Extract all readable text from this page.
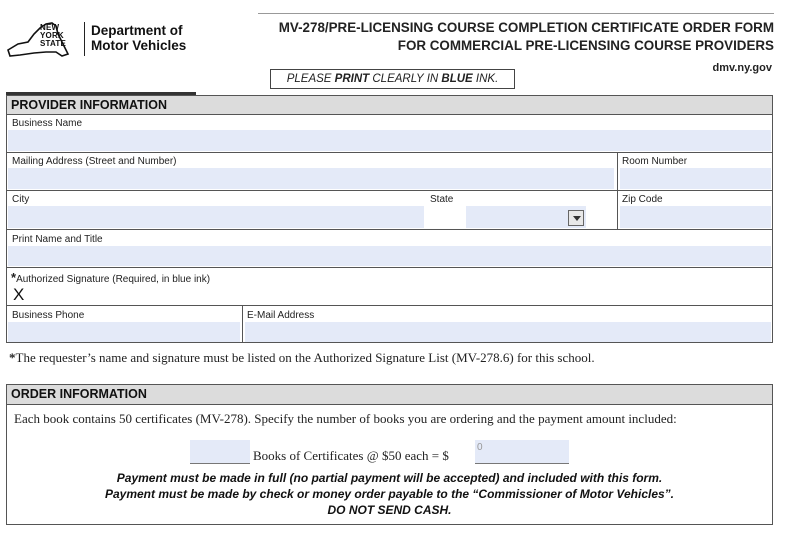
NEW
YORK
STATE
Department of
Motor Vehicles
MV-278/PRE-LICENSING COURSE COMPLETION CERTIFICATE ORDER FORM
FOR COMMERCIAL PRE-LICENSING COURSE PROVIDERS
dmv.ny.gov
PLEASE PRINT CLEARLY IN BLUE INK.
PROVIDER INFORMATION
Business Name
Mailing Address (Street and Number)	Room Number
City	State	Zip Code
Print Name and Title
*Authorized Signature (Required, in blue ink)
X
Business Phone	E-Mail Address
*The requester’s name and signature must be listed on the Authorized Signature List (MV-278.6) for this school.
ORDER INFORMATION
Each book contains 50 certificates (MV-278). Specify the number of books you are ordering and the payment amount included:
Books of Certificates @ $50 each = $
0
Payment must be made in full (no partial payment will be accepted) and included with this form.
Payment must be made by check or money order payable to the “Commissioner of Motor Vehicles”.
DO NOT SEND CASH.
